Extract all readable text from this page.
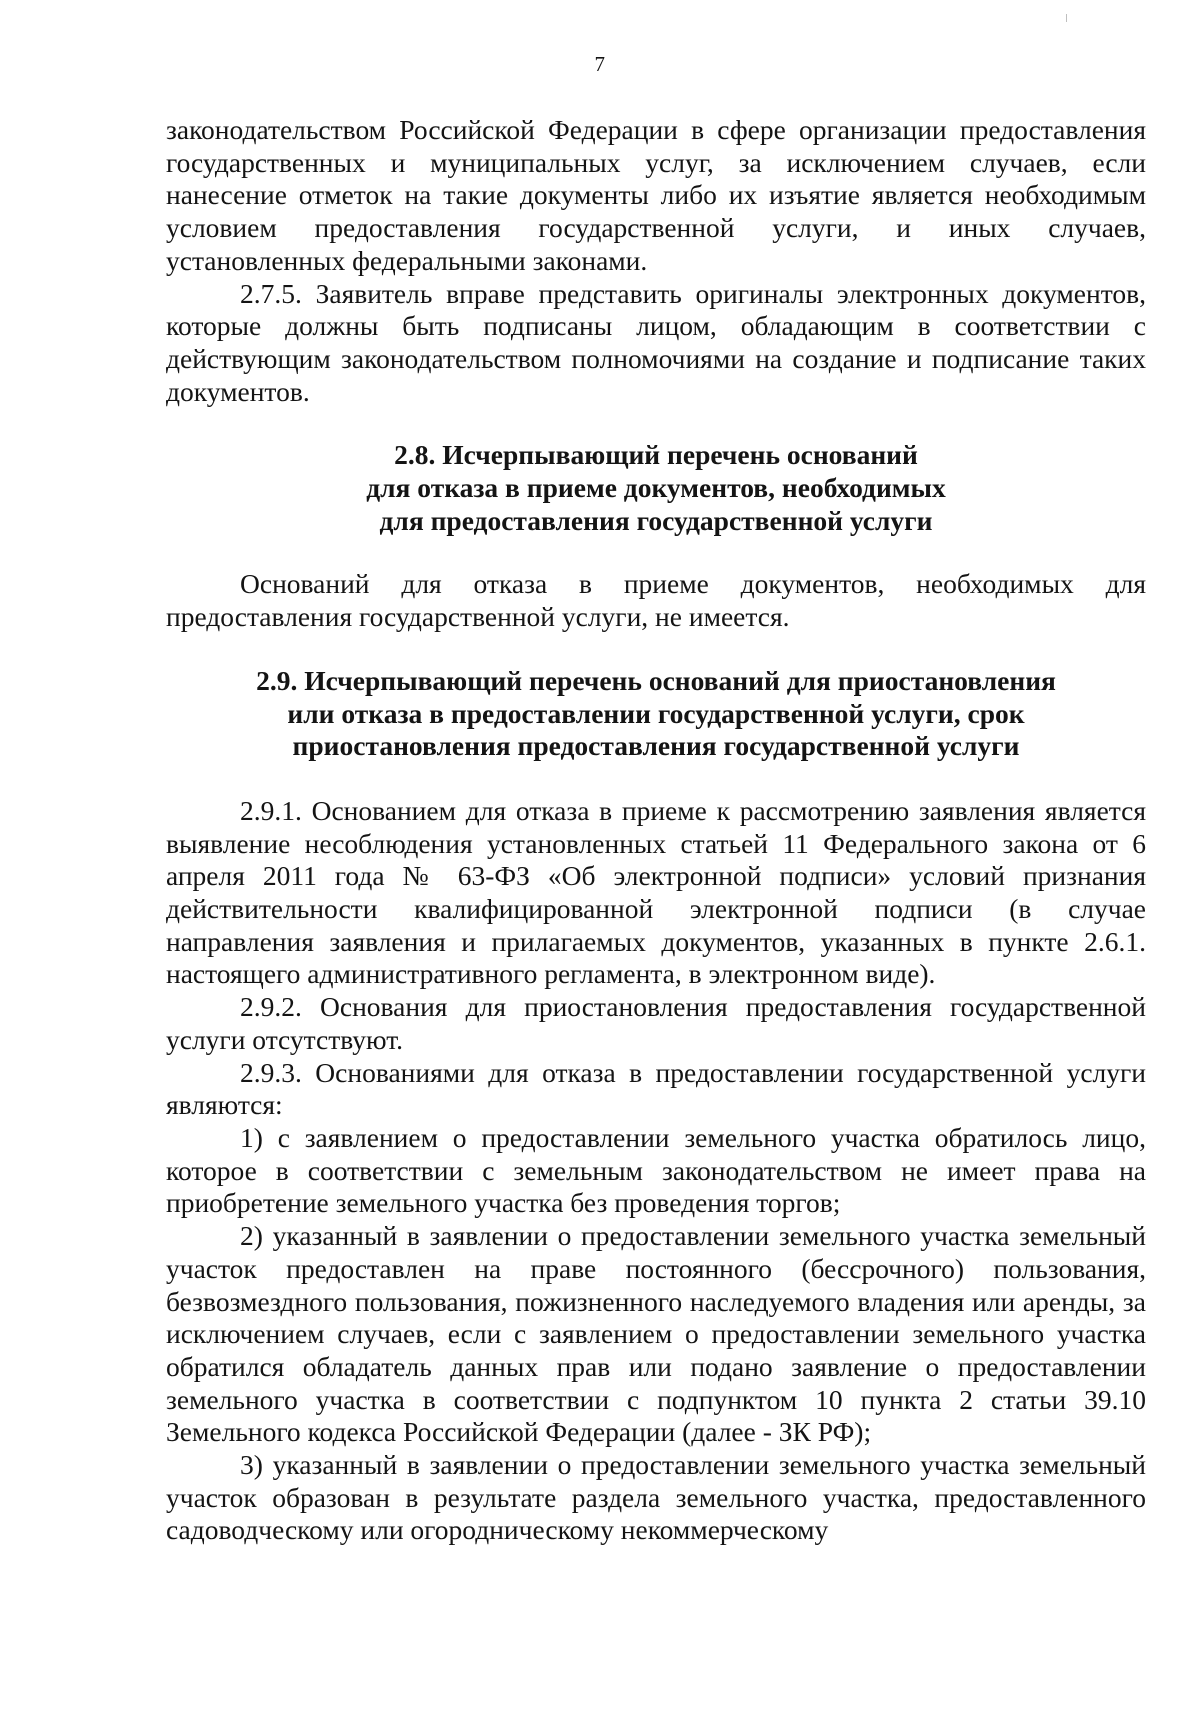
7

законодательством Российской Федерации в сфере организации предоставления государственных и муниципальных услуг, за исключением случаев, если нанесение отметок на такие документы либо их изъятие является необходимым условием предоставления государственной услуги, и иных случаев, установленных федеральными законами.

2.7.5. Заявитель вправе представить оригиналы электронных документов, которые должны быть подписаны лицом, обладающим в соответствии с действующим законодательством полномочиями на создание и подписание таких документов.

2.8. Исчерпывающий перечень оснований
для отказа в приеме документов, необходимых
для предоставления государственной услуги

Оснований для отказа в приеме документов, необходимых для предоставления государственной услуги, не имеется.

2.9. Исчерпывающий перечень оснований для приостановления
или отказа в предоставлении государственной услуги, срок
приостановления предоставления государственной услуги

2.9.1. Основанием для отказа в приеме к рассмотрению заявления является выявление несоблюдения установленных статьей 11 Федерального закона от 6 апреля 2011 года № 63-ФЗ «Об электронной подписи» условий признания действительности квалифицированной электронной подписи (в случае направления заявления и прилагаемых документов, указанных в пункте 2.6.1. настоящего административного регламента, в электронном виде).

2.9.2. Основания для приостановления предоставления государственной услуги отсутствуют.

2.9.3. Основаниями для отказа в предоставлении государственной услуги являются:

1) с заявлением о предоставлении земельного участка обратилось лицо, которое в соответствии с земельным законодательством не имеет права на приобретение земельного участка без проведения торгов;

2) указанный в заявлении о предоставлении земельного участка земельный участок предоставлен на праве постоянного (бессрочного) пользования, безвозмездного пользования, пожизненного наследуемого владения или аренды, за исключением случаев, если с заявлением о предоставлении земельного участка обратился обладатель данных прав или подано заявление о предоставлении земельного участка в соответствии с подпунктом 10 пункта 2 статьи 39.10 Земельного кодекса Российской Федерации (далее - ЗК РФ);

3) указанный в заявлении о предоставлении земельного участка земельный участок образован в результате раздела земельного участка, предоставленного садоводческому или огородническому некоммерческому
